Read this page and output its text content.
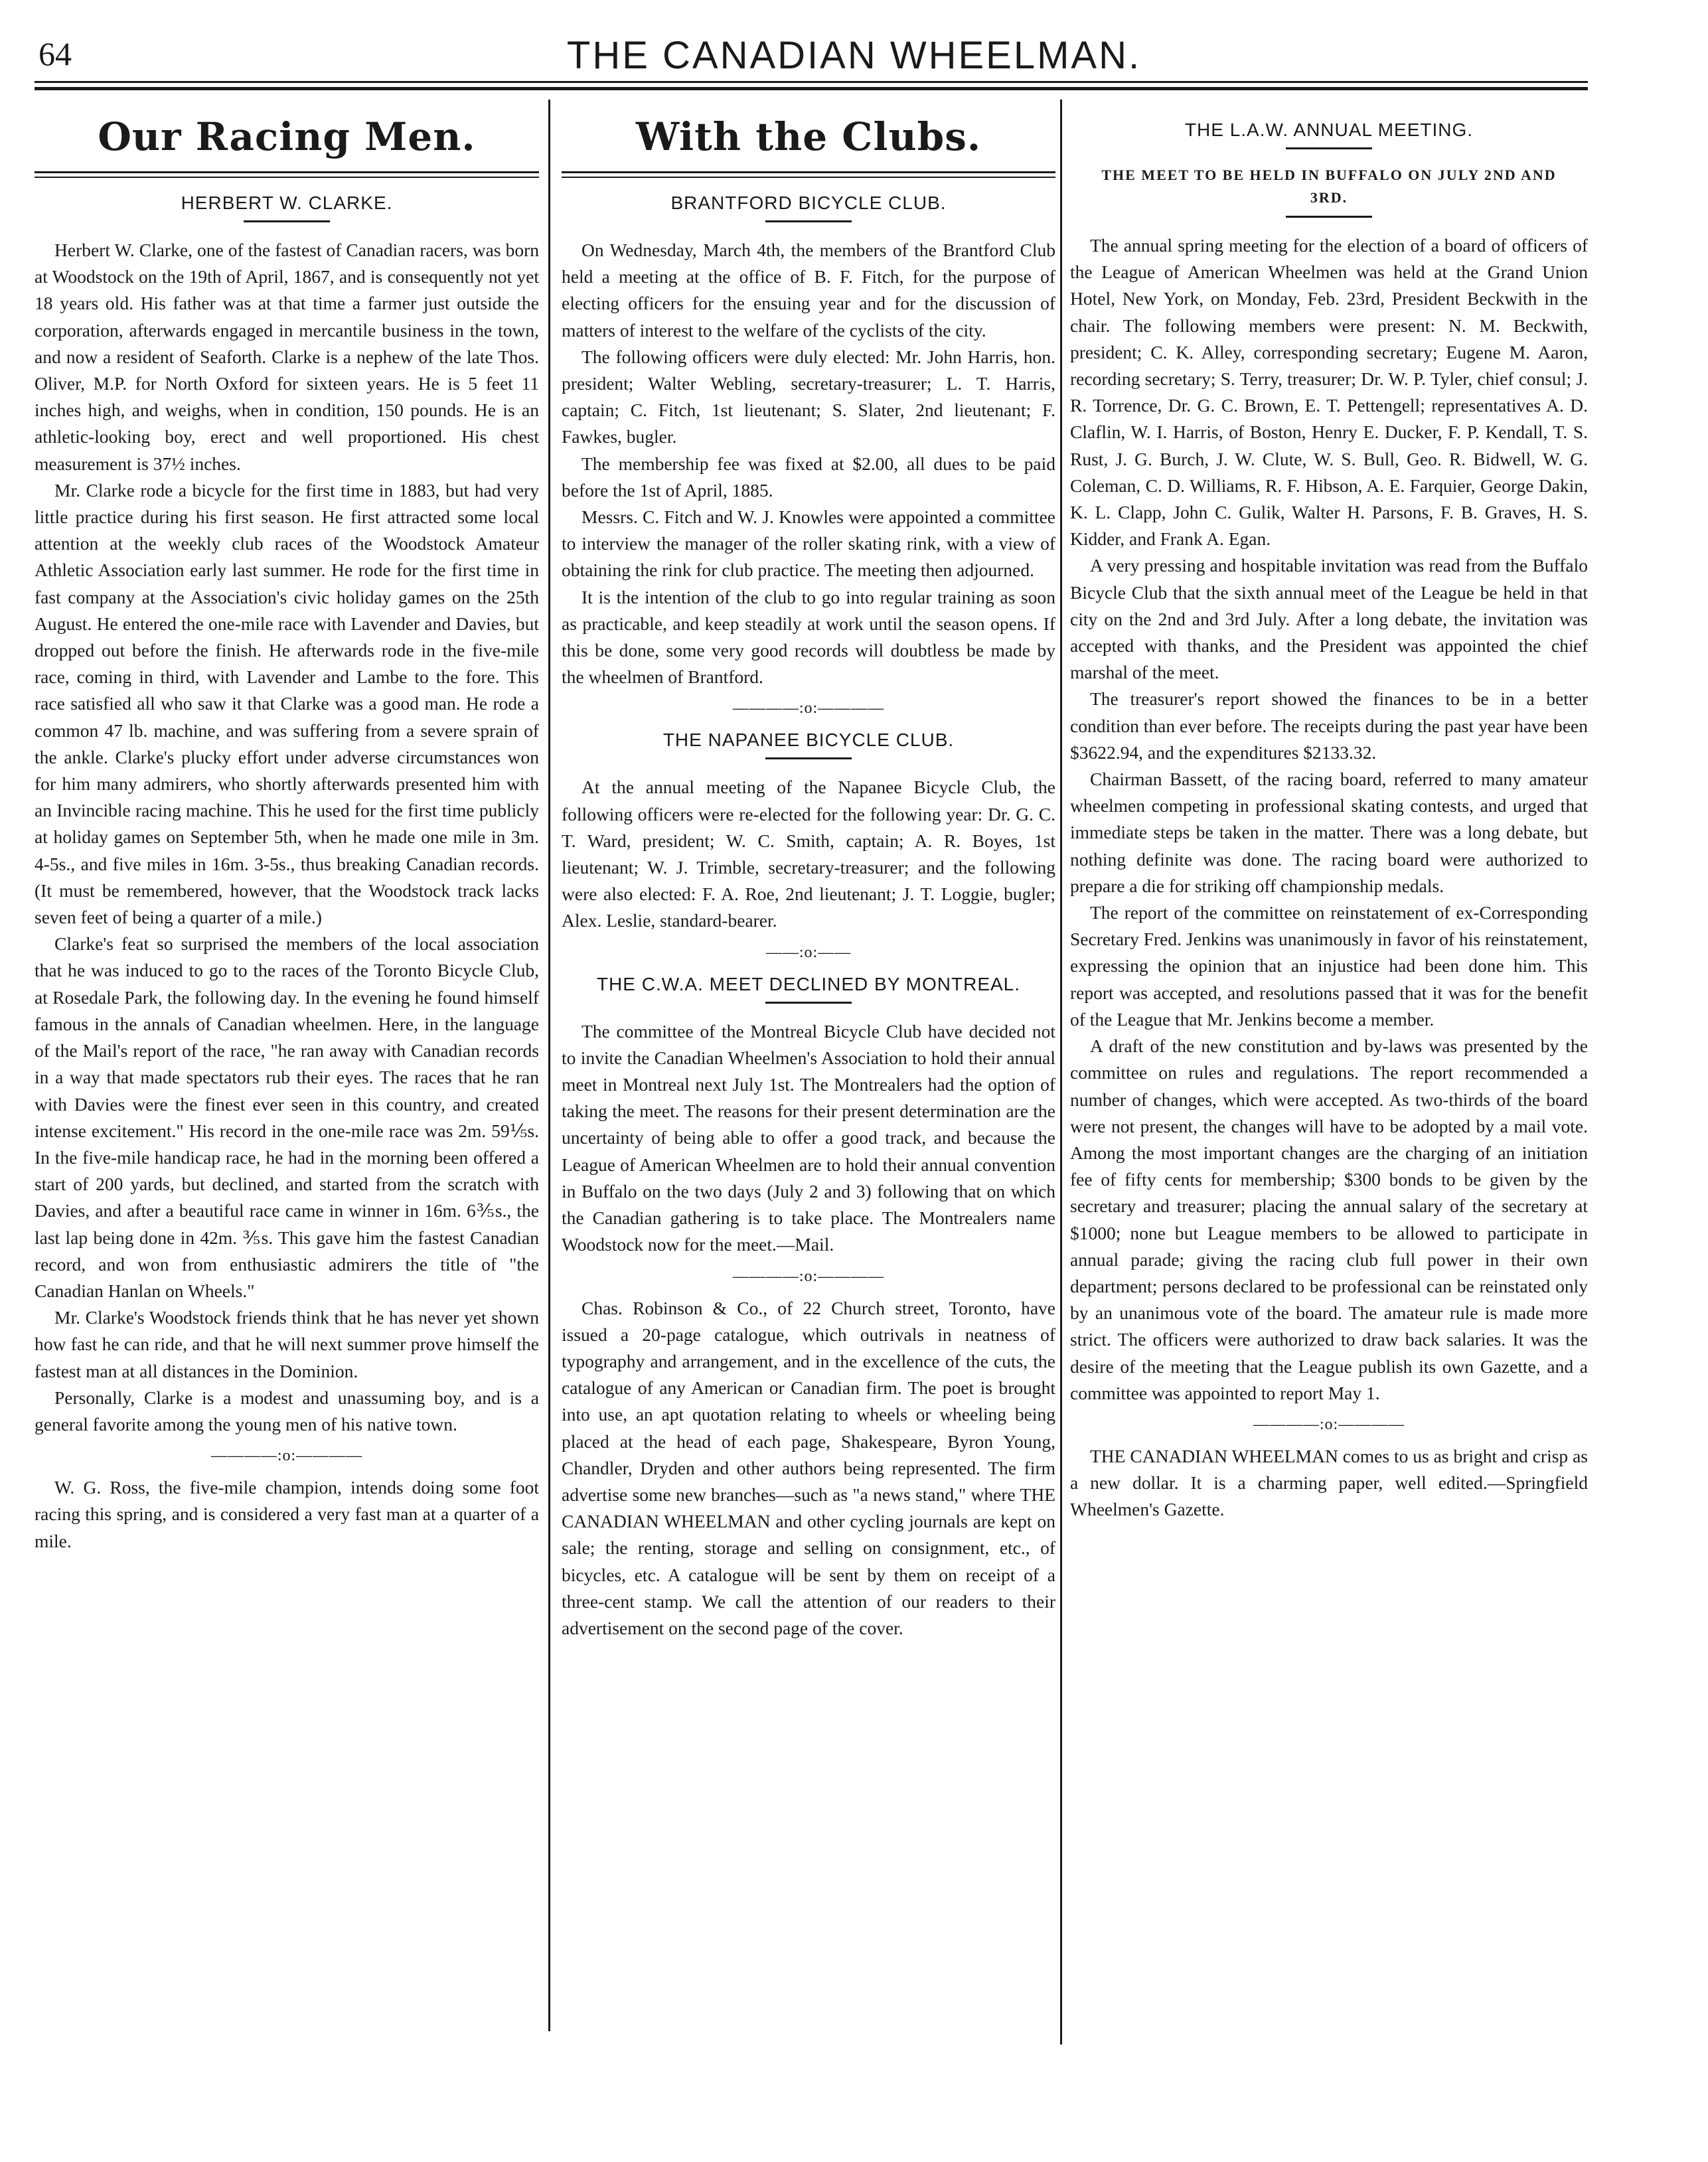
64	THE CANADIAN WHEELMAN.
Our Racing Men.
HERBERT W. CLARKE.

Herbert W. Clarke, one of the fastest of Canadian racers, was born at Woodstock on the 19th of April, 1867, and is consequently not yet 18 years old. His father was at that time a farmer just outside the corporation, afterwards engaged in mercantile business in the town, and now a resident of Seaforth. Clarke is a nephew of the late Thos. Oliver, M.P. for North Oxford for sixteen years. He is 5 feet 11 inches high, and weighs, when in condition, 150 pounds. He is an athletic-looking boy, erect and well proportioned. His chest measurement is 37½ inches.

Mr. Clarke rode a bicycle for the first time in 1883, but had very little practice during his first season. He first attracted some local attention at the weekly club races of the Woodstock Amateur Athletic Association early last summer. He rode for the first time in fast company at the Association's civic holiday games on the 25th August. He entered the one-mile race with Lavender and Davies, but dropped out before the finish. He afterwards rode in the five-mile race, coming in third, with Lavender and Lambe to the fore. This race satisfied all who saw it that Clarke was a good man. He rode a common 47 lb. machine, and was suffering from a severe sprain of the ankle. Clarke's plucky effort under adverse circumstances won for him many admirers, who shortly afterwards presented him with an Invincible racing machine. This he used for the first time publicly at holiday games on September 5th, when he made one mile in 3m. 4-5s., and five miles in 16m. 3-5s., thus breaking Canadian records. (It must be remembered, however, that the Woodstock track lacks seven feet of being a quarter of a mile.)

Clarke's feat so surprised the members of the local association that he was induced to go to the races of the Toronto Bicycle Club, at Rosedale Park, the following day. In the evening he found himself famous in the annals of Canadian wheelmen. Here, in the language of the Mail's report of the race, "he ran away with Canadian records in a way that made spectators rub their eyes. The races that he ran with Davies were the finest ever seen in this country, and created intense excitement." His record in the one-mile race was 2m. 59⅕s. In the five-mile handicap race, he had in the morning been offered a start of 200 yards, but declined, and started from the scratch with Davies, and after a beautiful race came in winner in 16m. 6⅗s., the last lap being done in 42m. ⅗s. This gave him the fastest Canadian record, and won from enthusiastic admirers the title of "the Canadian Hanlan on Wheels."

Mr. Clarke's Woodstock friends think that he has never yet shown how fast he can ride, and that he will next summer prove himself the fastest man at all distances in the Dominion.

Personally, Clarke is a modest and unassuming boy, and is a general favorite among the young men of his native town.

————:o:————

W. G. Ross, the five-mile champion, intends doing some foot racing this spring, and is considered a very fast man at a quarter of a mile.

With the Clubs.
BRANTFORD BICYCLE CLUB.

On Wednesday, March 4th, the members of the Brantford Club held a meeting at the office of B. F. Fitch, for the purpose of electing officers for the ensuing year and for the discussion of matters of interest to the welfare of the cyclists of the city.

The following officers were duly elected: Mr. John Harris, hon. president; Walter Webling, secretary-treasurer; L. T. Harris, captain; C. Fitch, 1st lieutenant; S. Slater, 2nd lieutenant; F. Fawkes, bugler.

The membership fee was fixed at $2.00, all dues to be paid before the 1st of April, 1885.

Messrs. C. Fitch and W. J. Knowles were appointed a committee to interview the manager of the roller skating rink, with a view of obtaining the rink for club practice. The meeting then adjourned.

It is the intention of the club to go into regular training as soon as practicable, and keep steadily at work until the season opens. If this be done, some very good records will doubtless be made by the wheelmen of Brantford.

————:o:————
THE NAPANEE BICYCLE CLUB.

At the annual meeting of the Napanee Bicycle Club, the following officers were re-elected for the following year: Dr. G. C. T. Ward, president; W. C. Smith, captain; A. R. Boyes, 1st lieutenant; W. J. Trimble, secretary-treasurer; and the following were also elected: F. A. Roe, 2nd lieutenant; J. T. Loggie, bugler; Alex. Leslie, standard-bearer.

——:o:——
THE C.W.A. MEET DECLINED BY MONTREAL.

The committee of the Montreal Bicycle Club have decided not to invite the Canadian Wheelmen's Association to hold their annual meet in Montreal next July 1st. The Montrealers had the option of taking the meet. The reasons for their present determination are the uncertainty of being able to offer a good track, and because the League of American Wheelmen are to hold their annual convention in Buffalo on the two days (July 2 and 3) following that on which the Canadian gathering is to take place. The Montrealers name Woodstock now for the meet.—Mail.

————:o:————

Chas. Robinson & Co., of 22 Church street, Toronto, have issued a 20-page catalogue, which outrivals in neatness of typography and arrangement, and in the excellence of the cuts, the catalogue of any American or Canadian firm. The poet is brought into use, an apt quotation relating to wheels or wheeling being placed at the head of each page, Shakespeare, Byron Young, Chandler, Dryden and other authors being represented. The firm advertise some new branches—such as "a news stand," where THE CANADIAN WHEELMAN and other cycling journals are kept on sale; the renting, storage and selling on consignment, etc., of bicycles, etc. A catalogue will be sent by them on receipt of a three-cent stamp. We call the attention of our readers to their advertisement on the second page of the cover.

THE L.A.W. ANNUAL MEETING.
THE MEET TO BE HELD IN BUFFALO ON JULY 2ND AND 3RD.

The annual spring meeting for the election of a board of officers of the League of American Wheelmen was held at the Grand Union Hotel, New York, on Monday, Feb. 23rd, President Beckwith in the chair. The following members were present: N. M. Beckwith, president; C. K. Alley, corresponding secretary; Eugene M. Aaron, recording secretary; S. Terry, treasurer; Dr. W. P. Tyler, chief consul; J. R. Torrence, Dr. G. C. Brown, E. T. Pettengell; representatives A. D. Claflin, W. I. Harris, of Boston, Henry E. Ducker, F. P. Kendall, T. S. Rust, J. G. Burch, J. W. Clute, W. S. Bull, Geo. R. Bidwell, W. G. Coleman, C. D. Williams, R. F. Hibson, A. E. Farquier, George Dakin, K. L. Clapp, John C. Gulik, Walter H. Parsons, F. B. Graves, H. S. Kidder, and Frank A. Egan.

A very pressing and hospitable invitation was read from the Buffalo Bicycle Club that the sixth annual meet of the League be held in that city on the 2nd and 3rd July. After a long debate, the invitation was accepted with thanks, and the President was appointed the chief marshal of the meet.

The treasurer's report showed the finances to be in a better condition than ever before. The receipts during the past year have been $3622.94, and the expenditures $2133.32.

Chairman Bassett, of the racing board, referred to many amateur wheelmen competing in professional skating contests, and urged that immediate steps be taken in the matter. There was a long debate, but nothing definite was done. The racing board were authorized to prepare a die for striking off championship medals.

The report of the committee on reinstatement of ex-Corresponding Secretary Fred. Jenkins was unanimously in favor of his reinstatement, expressing the opinion that an injustice had been done him. This report was accepted, and resolutions passed that it was for the benefit of the League that Mr. Jenkins become a member.

A draft of the new constitution and by-laws was presented by the committee on rules and regulations. The report recommended a number of changes, which were accepted. As two-thirds of the board were not present, the changes will have to be adopted by a mail vote. Among the most important changes are the charging of an initiation fee of fifty cents for membership; $300 bonds to be given by the secretary and treasurer; placing the annual salary of the secretary at $1000; none but League members to be allowed to participate in annual parade; giving the racing club full power in their own department; persons declared to be professional can be reinstated only by an unanimous vote of the board. The amateur rule is made more strict. The officers were authorized to draw back salaries. It was the desire of the meeting that the League publish its own Gazette, and a committee was appointed to report May 1.

————:o:————

THE CANADIAN WHEELMAN comes to us as bright and crisp as a new dollar. It is a charming paper, well edited.—Springfield Wheelmen's Gazette.
